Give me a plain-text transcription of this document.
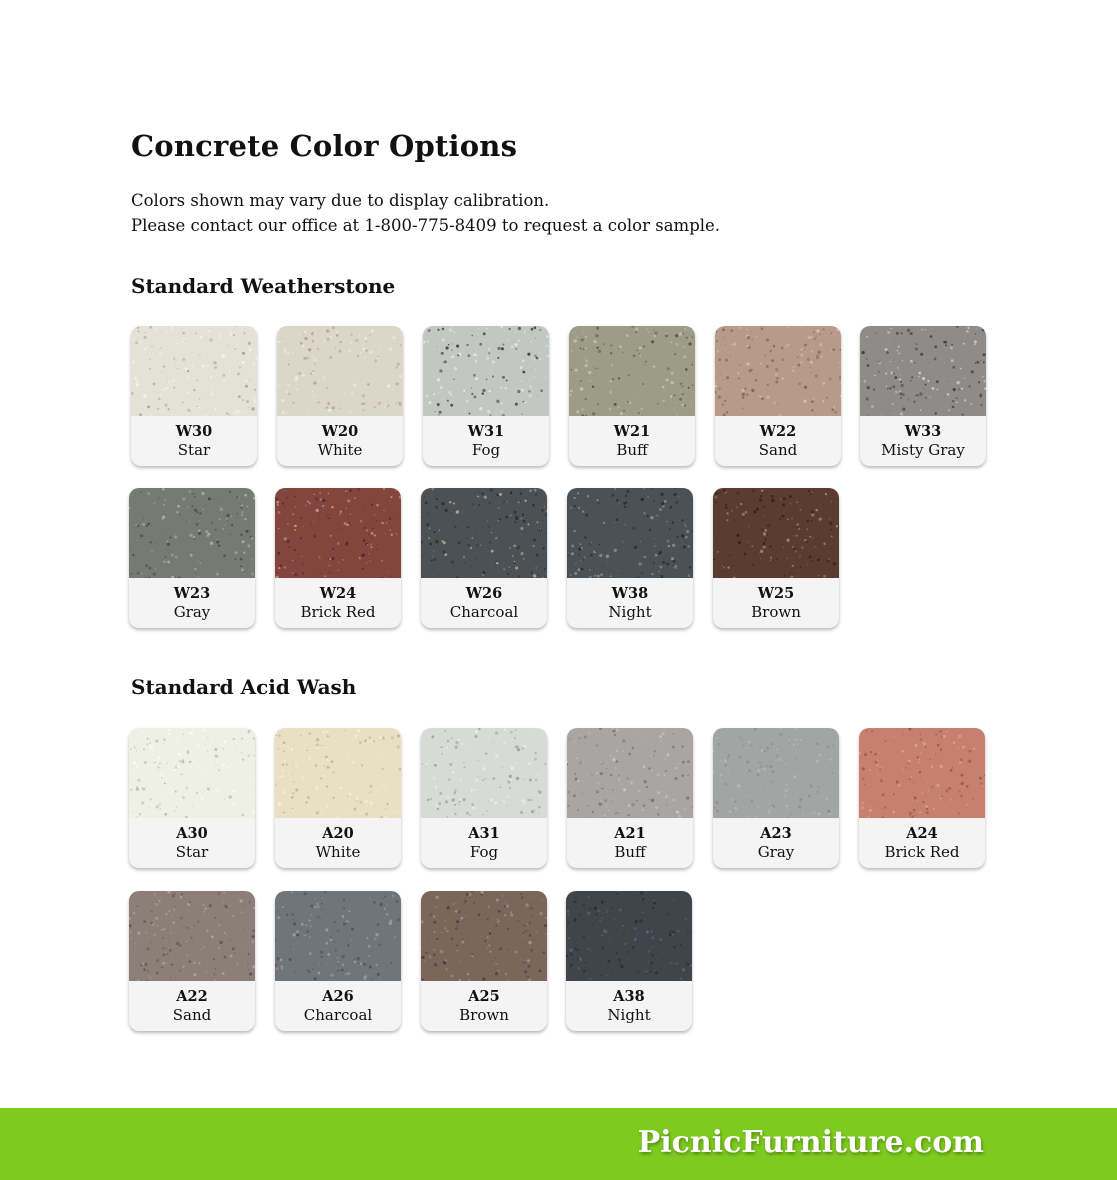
Concrete Color Options

Colors shown may vary due to display calibration.

Please contact our office at 1-800-775-8409 to request a color sample.

Standard Weatherstone
W30
Star
W20
White
W31
Fog
W21
Buff
W22
Sand
W33
Misty Gray
W23
Gray
W24
Brick Red
W26
Charcoal
W38
Night
W25
Brown
Standard Acid Wash
A30
Star
A20
White
A31
Fog
A21
Buff
A23
Gray
A24
Brick Red
A22
Sand
A26
Charcoal
A25
Brown
A38
Night
PicnicFurniture.com
